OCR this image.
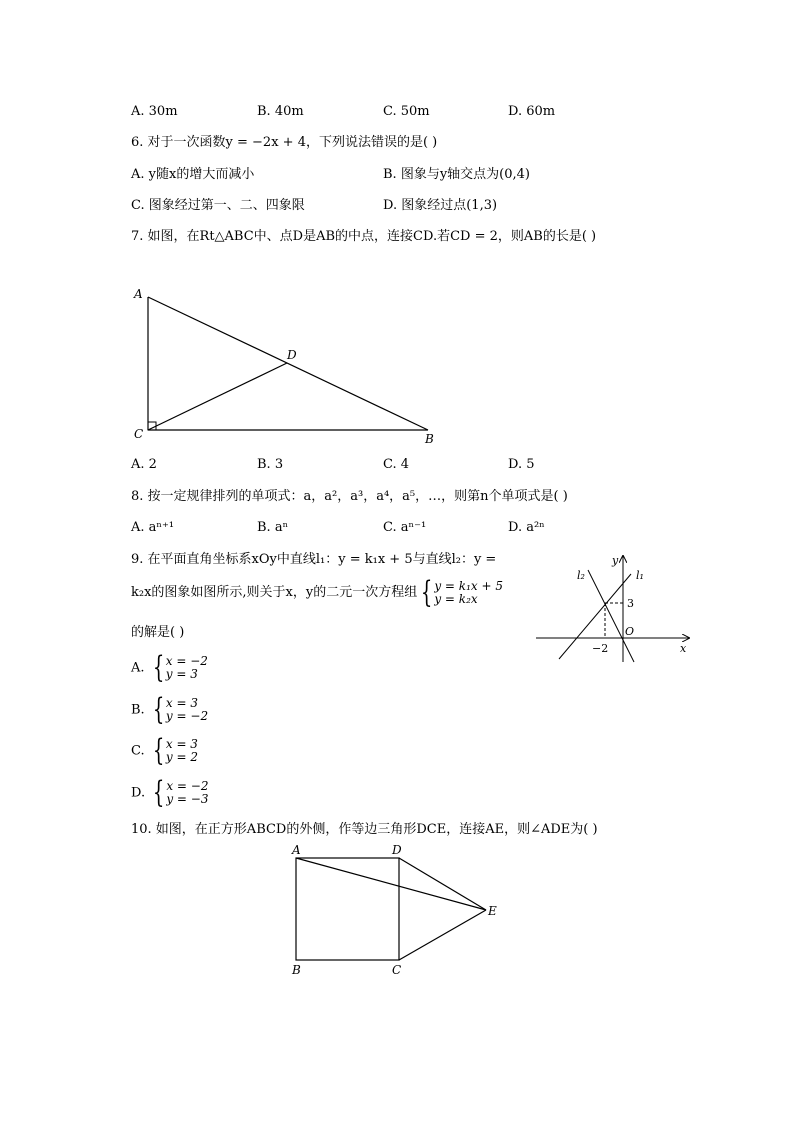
A. 30m	B. 40m	C. 50m	D. 60m
6. 对于一次函数y = −2x + 4，下列说法错误的是( )
A. y随x的增大而减小	B. 图象与y轴交点为(0,4)
C. 图象经过第一、二、四象限	D. 图象经过点(1,3)
7. 如图，在Rt△ABC中、点D是AB的中点，连接CD.若CD = 2，则AB的长是( )
A
C	B
D
A. 2	B. 3	C. 4	D. 5
8. 按一定规律排列的单项式：a，a²，a³，a⁴，a⁵，…，则第n个单项式是( )
A. aⁿ⁺¹	B. aⁿ	C. aⁿ⁻¹	D. a²ⁿ
9. 在平面直角坐标系xOy中直线l₁：y = k₁x + 5与直线l₂：y =
k₂x的图象如图所示,则关于x，y的二元一次方程组 { y = k₁x + 5
y = k₂x
的解是( )
y
x
O
l₁
l₂
3
−2
A. { x = −2
y = 3
B. { x = 3
y = −2
C. { x = 3
y = 2
D. { x = −2
y = −3
10. 如图，在正方形ABCD的外侧，作等边三角形DCE，连接AE，则∠ADE为( )
A	D
E
B	C
